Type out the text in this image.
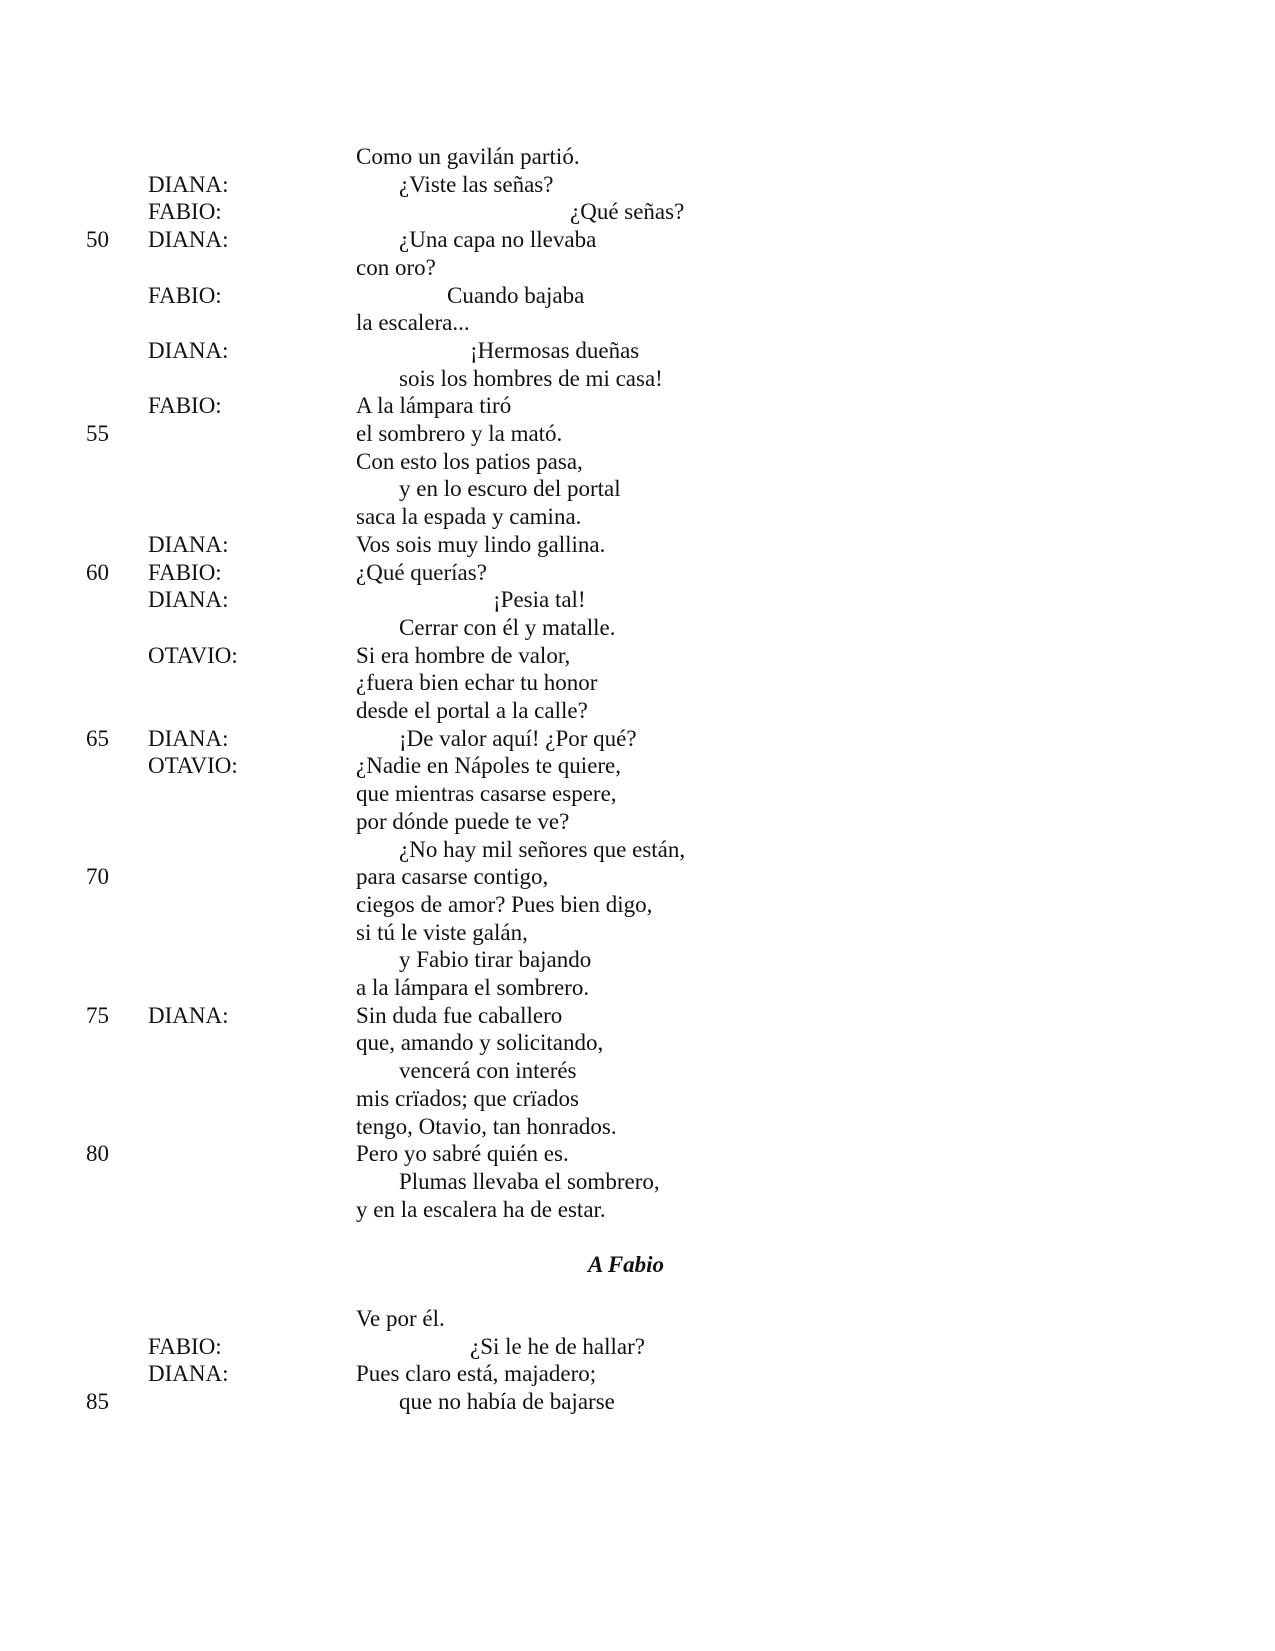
Como un gavilán partió.
DIANA:	¿Viste las señas?
FABIO:	¿Qué señas?
50 DIANA:	¿Una capa no llevaba
con oro?
FABIO:	Cuando bajaba
la escalera...
DIANA:	¡Hermosas dueñas
sois los hombres de mi casa!
FABIO:	A la lámpara tiró
55	el sombrero y la mató.
Con esto los patios pasa,
y en lo escuro del portal
saca la espada y camina.
DIANA:	Vos sois muy lindo gallina.
60 FABIO:	¿Qué querías?
DIANA:	¡Pesia tal!
Cerrar con él y matalle.
OTAVIO:	Si era hombre de valor,
¿fuera bien echar tu honor
desde el portal a la calle?
65 DIANA:	¡De valor aquí! ¿Por qué?
OTAVIO:	¿Nadie en Nápoles te quiere,
que mientras casarse espere,
por dónde puede te ve?
¿No hay mil señores que están,
70	para casarse contigo,
ciegos de amor? Pues bien digo,
si tú le viste galán,
y Fabio tirar bajando
a la lámpara el sombrero.
75 DIANA:	Sin duda fue caballero
que, amando y solicitando,
vencerá con interés
mis crïados; que crïados
tengo, Otavio, tan honrados.
80	Pero yo sabré quién es.
Plumas llevaba el sombrero,
y en la escalera ha de estar.
A Fabio
Ve por él.
FABIO:	¿Si le he de hallar?
DIANA:	Pues claro está, majadero;
85	que no había de bajarse
